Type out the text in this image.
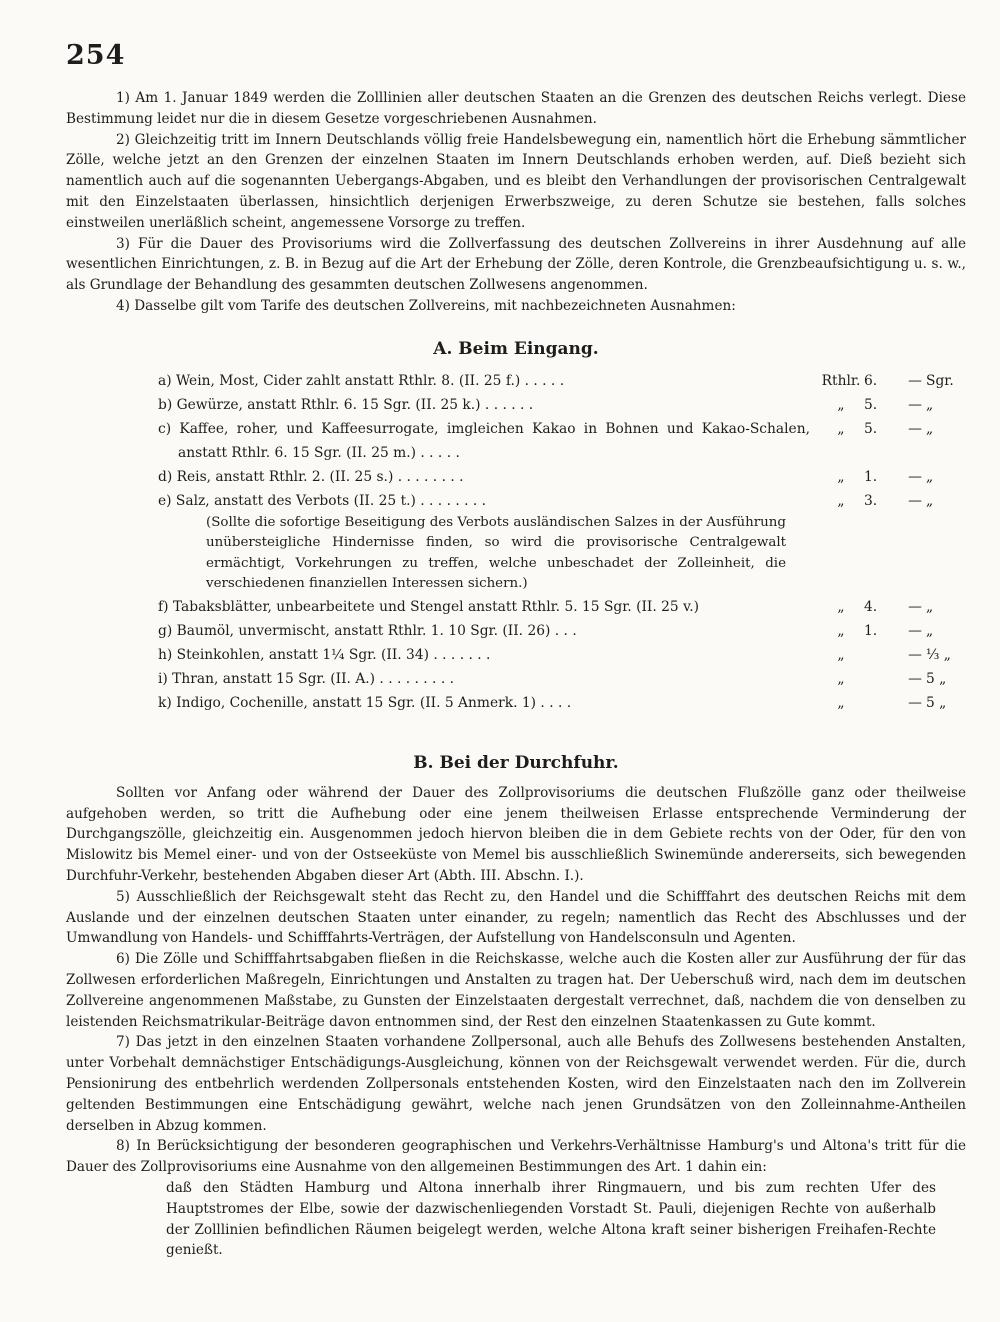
254

1) Am 1. Januar 1849 werden die Zolllinien aller deutschen Staaten an die Grenzen des deutschen Reichs verlegt. Diese Bestimmung leidet nur die in diesem Gesetze vorgeschriebenen Ausnahmen.

2) Gleichzeitig tritt im Innern Deutschlands völlig freie Handelsbewegung ein, namentlich hört die Erhebung sämmtlicher Zölle, welche jetzt an den Grenzen der einzelnen Staaten im Innern Deutschlands erhoben werden, auf. Dieß bezieht sich namentlich auch auf die sogenannten Uebergangs-Abgaben, und es bleibt den Verhandlungen der provisorischen Centralgewalt mit den Einzelstaaten überlassen, hinsichtlich derjenigen Erwerbszweige, zu deren Schutze sie bestehen, falls solches einstweilen unerläßlich scheint, angemessene Vorsorge zu treffen.

3) Für die Dauer des Provisoriums wird die Zollverfassung des deutschen Zollvereins in ihrer Ausdehnung auf alle wesentlichen Einrichtungen, z. B. in Bezug auf die Art der Erhebung der Zölle, deren Kontrole, die Grenzbeaufsichtigung u. s. w., als Grundlage der Behandlung des gesammten deutschen Zollwesens angenommen.

4) Dasselbe gilt vom Tarife des deutschen Zollvereins, mit nachbezeichneten Ausnahmen:

A. Beim Eingang.
a) Wein, Most, Cider zahlt anstatt Rthlr. 8. (II. 25 f.) . . . . .	Rthlr. 6.	— Sgr.
b) Gewürze, anstatt Rthlr. 6. 15 Sgr. (II. 25 k.) . . . . . .	„	5.	— „
c) Kaffee, roher, und Kaffeesurrogate, imgleichen Kakao in Bohnen und Kakao-Schalen, anstatt Rthlr. 6. 15 Sgr. (II. 25 m.) . . . . .
„	5.	— „
d) Reis, anstatt Rthlr. 2. (II. 25 s.) . . . . . . . .	„	1.	— „
e) Salz, anstatt des Verbots (II. 25 t.) . . . . . . . .	„	3.	— „
(Sollte die sofortige Beseitigung des Verbots ausländischen Salzes in der Ausführung unübersteigliche Hindernisse finden, so wird die provisorische Centralgewalt ermächtigt, Vorkehrungen zu treffen, welche unbeschadet der Zolleinheit, die verschiedenen finanziellen Interessen sichern.)
f) Tabaksblätter, unbearbeitete und Stengel anstatt Rthlr. 5. 15 Sgr. (II. 25 v.)	„	4.	— „
g) Baumöl, unvermischt, anstatt Rthlr. 1. 10 Sgr. (II. 26) . . .	„	1.	— „
h) Steinkohlen, anstatt 1¼ Sgr. (II. 34) . . . . . . .	„	— ⅓ „
i) Thran, anstatt 15 Sgr. (II. A.) . . . . . . . . .	„	— 5 „
k) Indigo, Cochenille, anstatt 15 Sgr. (II. 5 Anmerk. 1) . . . .	„	— 5 „
B. Bei der Durchfuhr.

Sollten vor Anfang oder während der Dauer des Zollprovisoriums die deutschen Flußzölle ganz oder theilweise aufgehoben werden, so tritt die Aufhebung oder eine jenem theilweisen Erlasse entsprechende Verminderung der Durchgangszölle, gleichzeitig ein. Ausgenommen jedoch hiervon bleiben die in dem Gebiete rechts von der Oder, für den von Mislowitz bis Memel einer- und von der Ostseeküste von Memel bis ausschließlich Swinemünde andererseits, sich bewegenden Durchfuhr-Verkehr, bestehenden Abgaben dieser Art (Abth. III. Abschn. I.).

5) Ausschließlich der Reichsgewalt steht das Recht zu, den Handel und die Schifffahrt des deutschen Reichs mit dem Auslande und der einzelnen deutschen Staaten unter einander, zu regeln; namentlich das Recht des Abschlusses und der Umwandlung von Handels- und Schifffahrts-Verträgen, der Aufstellung von Handelsconsuln und Agenten.

6) Die Zölle und Schifffahrtsabgaben fließen in die Reichskasse, welche auch die Kosten aller zur Ausführung der für das Zollwesen erforderlichen Maßregeln, Einrichtungen und Anstalten zu tragen hat. Der Ueberschuß wird, nach dem im deutschen Zollvereine angenommenen Maßstabe, zu Gunsten der Einzelstaaten dergestalt verrechnet, daß, nachdem die von denselben zu leistenden Reichsmatrikular-Beiträge davon entnommen sind, der Rest den einzelnen Staatenkassen zu Gute kommt.

7) Das jetzt in den einzelnen Staaten vorhandene Zollpersonal, auch alle Behufs des Zollwesens bestehenden Anstalten, unter Vorbehalt demnächstiger Entschädigungs-Ausgleichung, können von der Reichsgewalt verwendet werden. Für die, durch Pensionirung des entbehrlich werdenden Zollpersonals entstehenden Kosten, wird den Einzelstaaten nach den im Zollverein geltenden Bestimmungen eine Entschädigung gewährt, welche nach jenen Grundsätzen von den Zolleinnahme-Antheilen derselben in Abzug kommen.

8) In Berücksichtigung der besonderen geographischen und Verkehrs-Verhältnisse Hamburg's und Altona's tritt für die Dauer des Zollprovisoriums eine Ausnahme von den allgemeinen Bestimmungen des Art. 1 dahin ein:

daß den Städten Hamburg und Altona innerhalb ihrer Ringmauern, und bis zum rechten Ufer des Hauptstromes der Elbe, sowie der dazwischenliegenden Vorstadt St. Pauli, diejenigen Rechte von außerhalb der Zolllinien befindlichen Räumen beigelegt werden, welche Altona kraft seiner bisherigen Freihafen-Rechte genießt.
